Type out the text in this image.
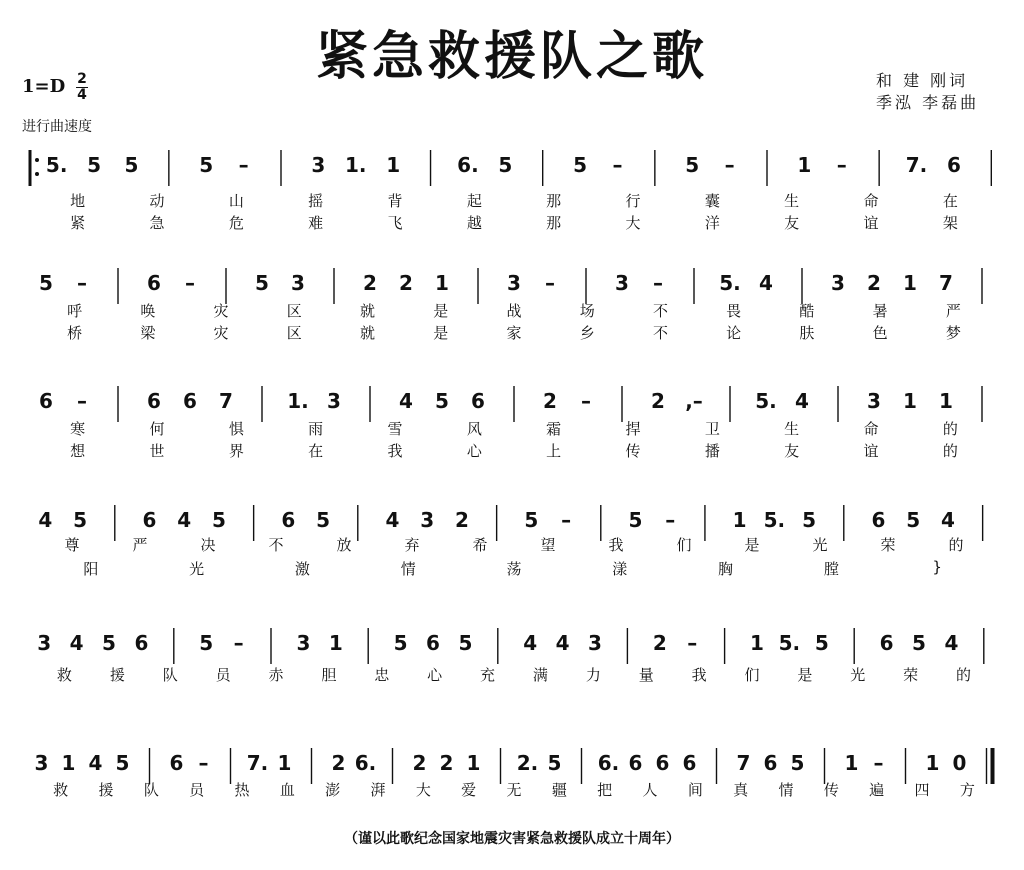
紧急救援队之歌
1=D 2
4
进行曲速度
和 建 刚词
季泓 李磊曲
5. 5 5	5 –	3 1. 1	6. 5	5 –	5 –	1 –	7. 6
5 –	6 –	5 3	2 2 1	3 –	3 –	5. 4	3 2 1 7
6 –	6 6 7	1. 3	4 5 6	2 –	2 ,–	5. 4	3 1 1
4 5	6 4 5	6 5	4 3 2	5 –	5 –	1 5. 5	6 5 4
3 4 5 6	5 –	3 1	5 6 5	4 4 3	2 –	1 5. 5	6 5 4
3 1 4 5 6 – 7. 1 2 6. 2 2 1 2. 5 6. 6 6 6 7 6 5 1 – 1 0
地	动	山	摇	背	起	那	行	囊	生	命	在
紧	急	危	难	飞	越	那	大	洋	友	谊	架
呼	唤	灾	区	就	是	战	场	不	畏	酷	暑	严
桥	梁	灾	区	就	是	家	乡	不	论	肤	色	梦
寒	何	惧	雨	雪	风	霜	捍	卫	生	命	的
想	世	界	在	我	心	上	传	播	友	谊	的
尊	严	决	不	放	弃	希	望	我	们	是	光	荣	的
阳	光	激	情	荡	漾	胸	膛	}
救	援	队	员	赤	胆	忠	心	充	满	力	量	我	们	是	光	荣	的
救 援 队 员 热 血 澎 湃 大 爱 无 疆 把 人 间 真 情 传 遍 四 方
（谨以此歌纪念国家地震灾害紧急救援队成立十周年）
